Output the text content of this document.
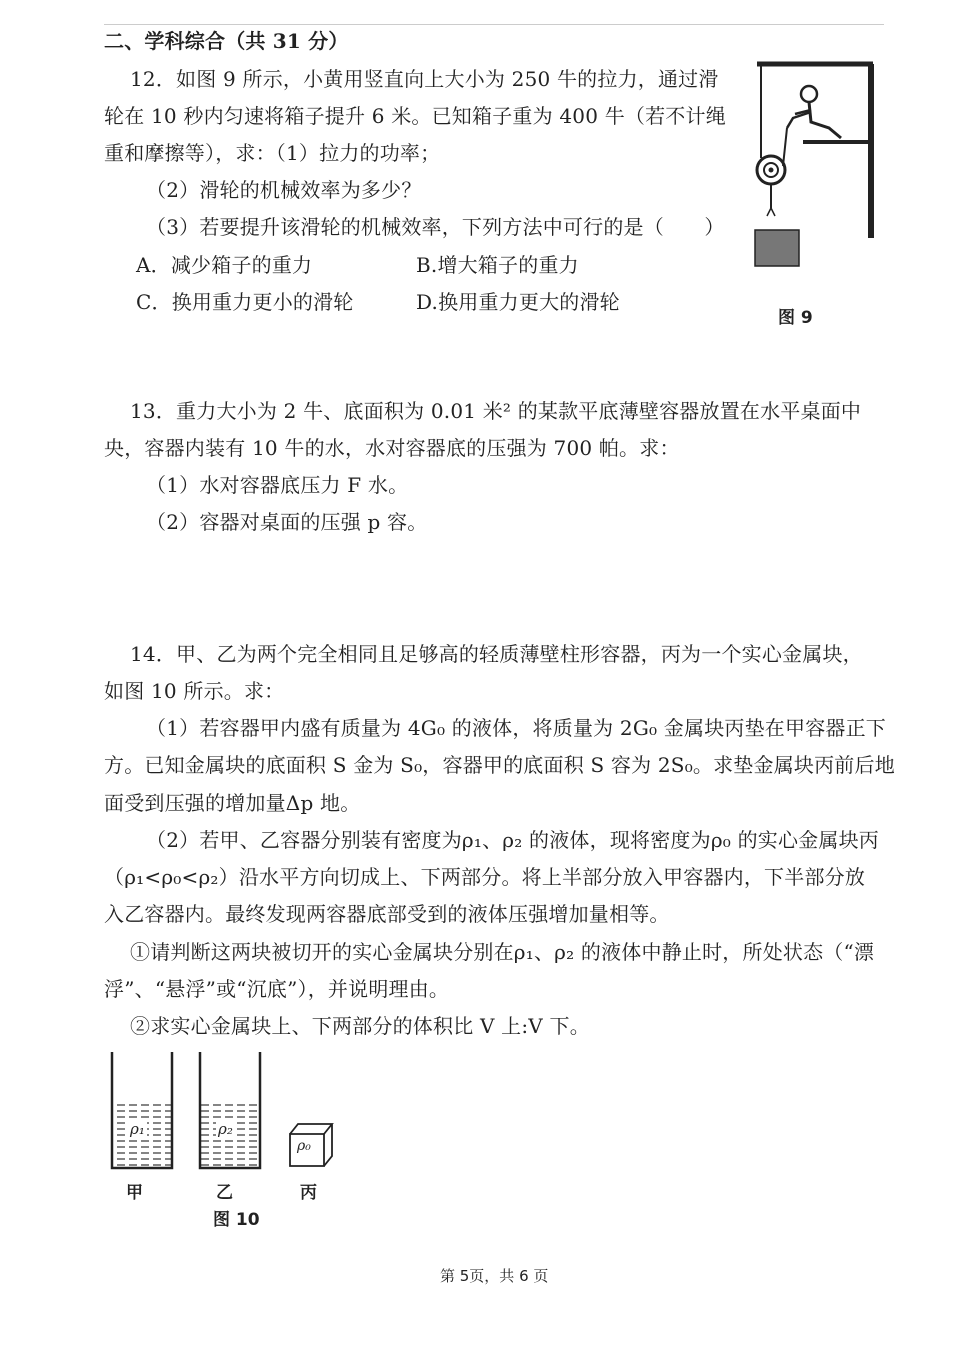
二、学科综合（共 31 分）
12．如图 9 所示，小黄用竖直向上大小为 250 牛的拉力，通过滑
轮在 10 秒内匀速将箱子提升 6 米。已知箱子重为 400 牛（若不计绳
重和摩擦等），求：（1）拉力的功率；
（2）滑轮的机械效率为多少？
（3）若要提升该滑轮的机械效率，下列方法中可行的是（　　）
A．减少箱子的重力	B.增大箱子的重力
C．换用重力更小的滑轮	D.换用重力更大的滑轮
图 9
13．重力大小为 2 牛、底面积为 0.01 米² 的某款平底薄壁容器放置在水平桌面中
央，容器内装有 10 牛的水，水对容器底的压强为 700 帕。求：
（1）水对容器底压力 F 水。
（2）容器对桌面的压强 p 容。
14．甲、乙为两个完全相同且足够高的轻质薄壁柱形容器，丙为一个实心金属块，
如图 10 所示。求：
（1）若容器甲内盛有质量为 4G₀ 的液体，将质量为 2G₀ 金属块丙垫在甲容器正下
方。已知金属块的底面积 S 金为 S₀，容器甲的底面积 S 容为 2S₀。求垫金属块丙前后地
面受到压强的增加量Δp 地。
（2）若甲、乙容器分别装有密度为ρ₁、ρ₂ 的液体，现将密度为ρ₀ 的实心金属块丙
（ρ₁<ρ₀<ρ₂）沿水平方向切成上、下两部分。将上半部分放入甲容器内，下半部分放
入乙容器内。最终发现两容器底部受到的液体压强增加量相等。
①请判断这两块被切开的实心金属块分别在ρ₁、ρ₂ 的液体中静止时，所处状态（“漂
浮”、“悬浮”或“沉底”），并说明理由。
②求实心金属块上、下两部分的体积比 V 上:V 下。
ρ₁	ρ₂
ρ₀
甲	乙	丙
图 10
第 5页，共 6 页
